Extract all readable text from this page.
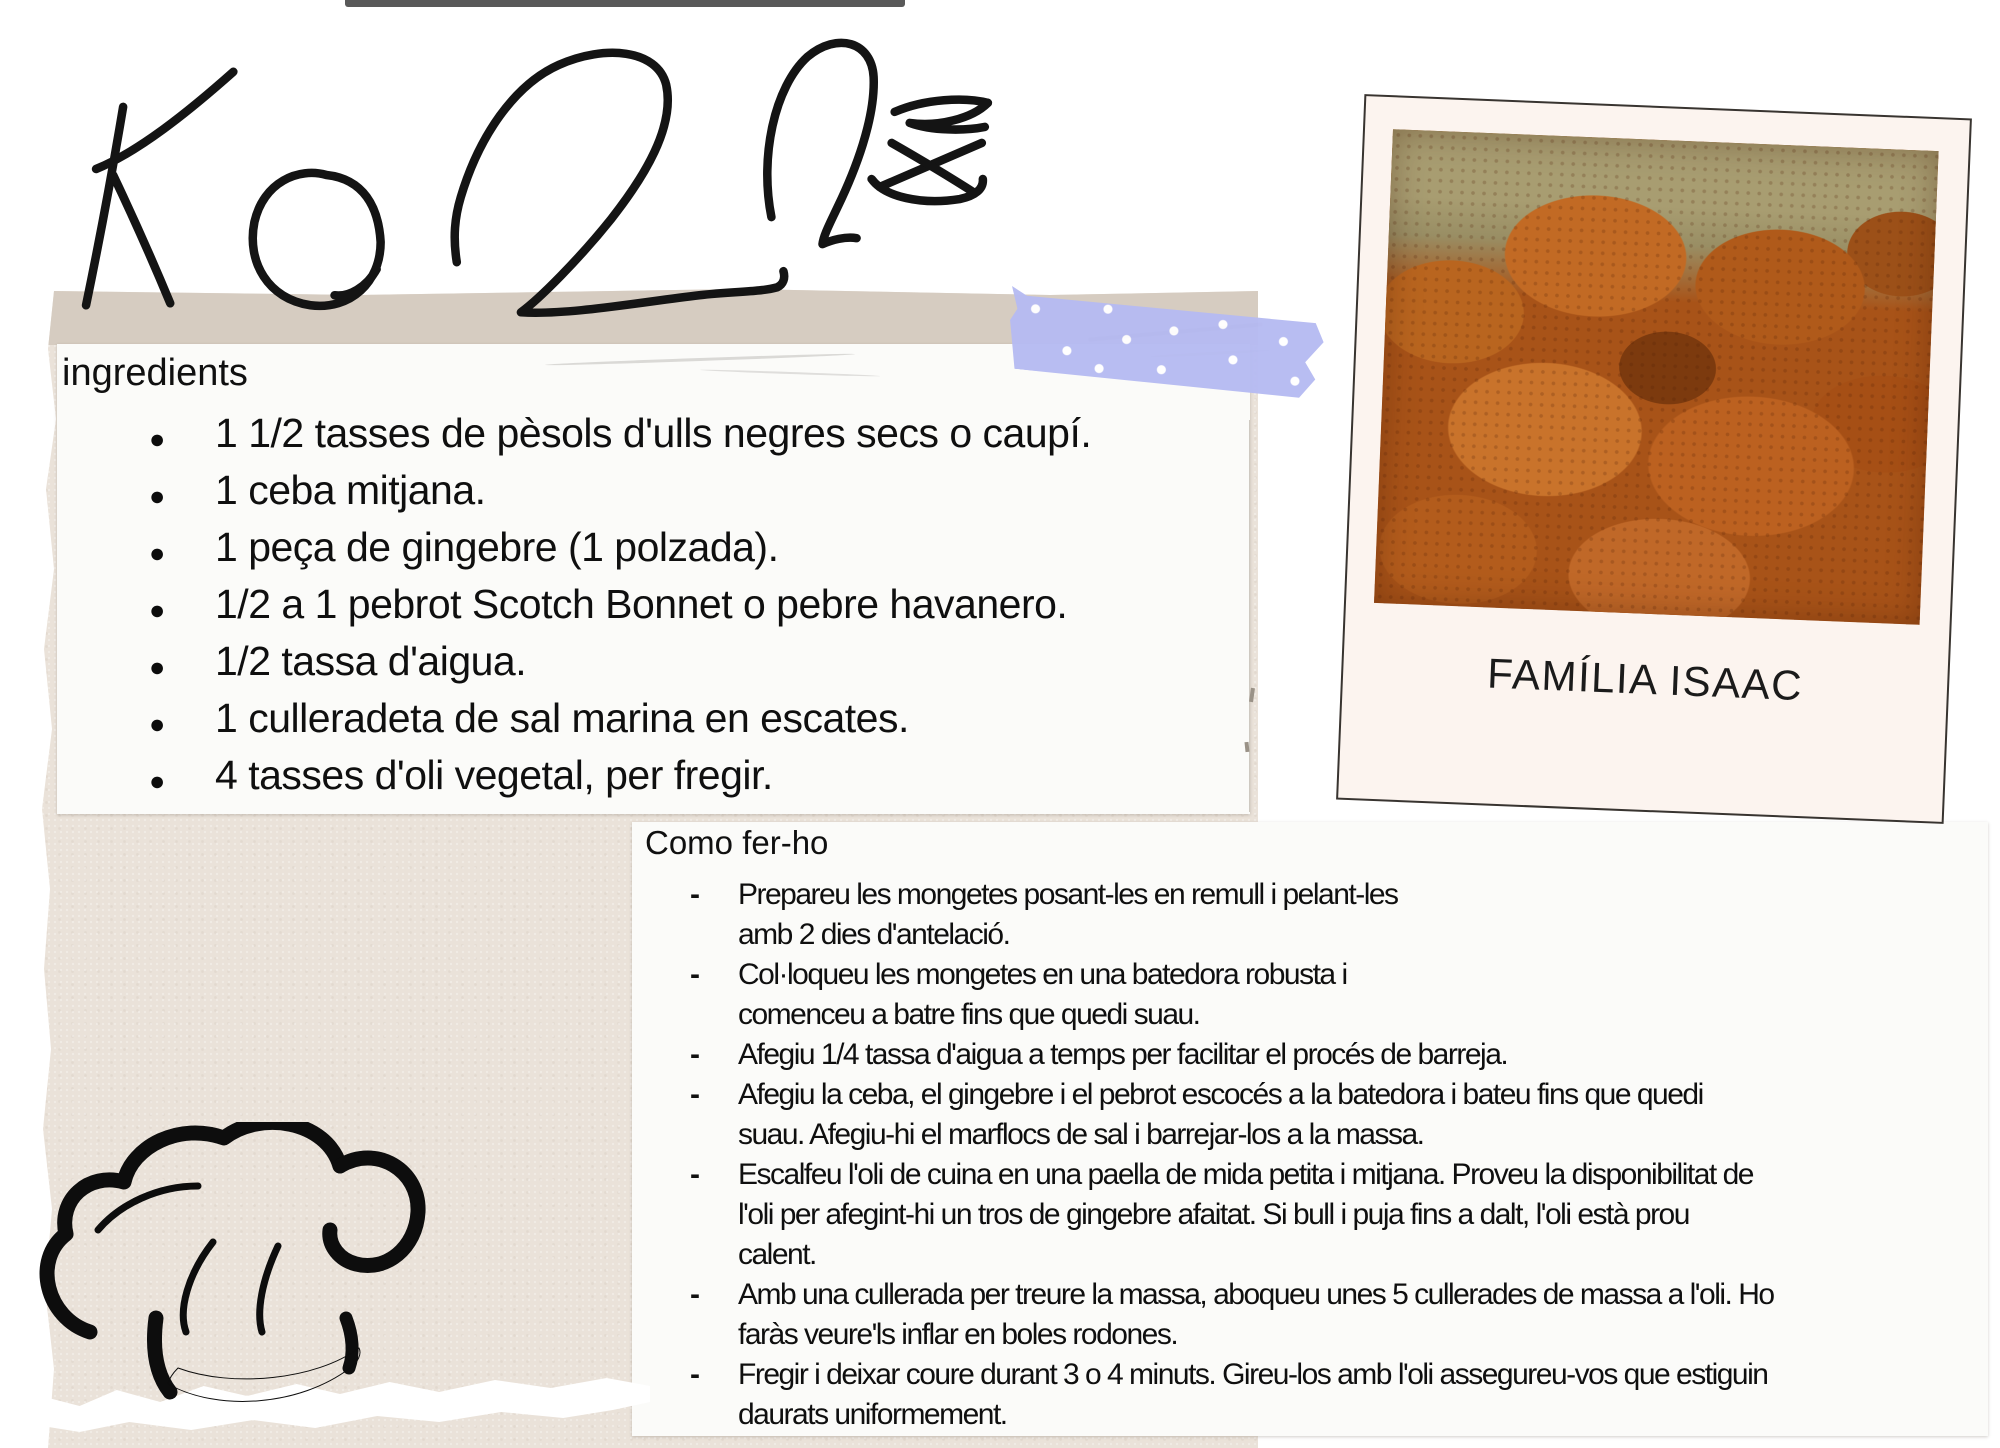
ingredients
● 1 1/2 tasses de pèsols d'ulls negres secs o caupí.
● 1 ceba mitjana.
● 1 peça de gingebre (1 polzada).
● 1/2 a 1 pebrot Scotch Bonnet o pebre havanero.
● 1/2 tassa d'aigua.
● 1 culleradeta de sal marina en escates.
● 4 tasses d'oli vegetal, per fregir.
Como fer-ho
- Prepareu les mongetes posant-les en remull i pelant-les
amb 2 dies d'antelació.
- Col·loqueu les mongetes en una batedora robusta i
comenceu a batre fins que quedi suau.
- Afegiu 1/4 tassa d'aigua a temps per facilitar el procés de barreja.
- Afegiu la ceba, el gingebre i el pebrot escocés a la batedora i bateu fins que quedi
suau. Afegiu-hi el marflocs de sal i barrejar-los a la massa.
- Escalfeu l'oli de cuina en una paella de mida petita i mitjana. Proveu la disponibilitat de
l'oli per afegint-hi un tros de gingebre afaitat. Si bull i puja fins a dalt, l'oli està prou
calent.
- Amb una cullerada per treure la massa, aboqueu unes 5 cullerades de massa a l'oli. Ho
faràs veure'ls inflar en boles rodones.
- Fregir i deixar coure durant 3 o 4 minuts. Gireu-los amb l'oli assegureu-vos que estiguin
daurats uniformement.
FAMÍLIA ISAAC
